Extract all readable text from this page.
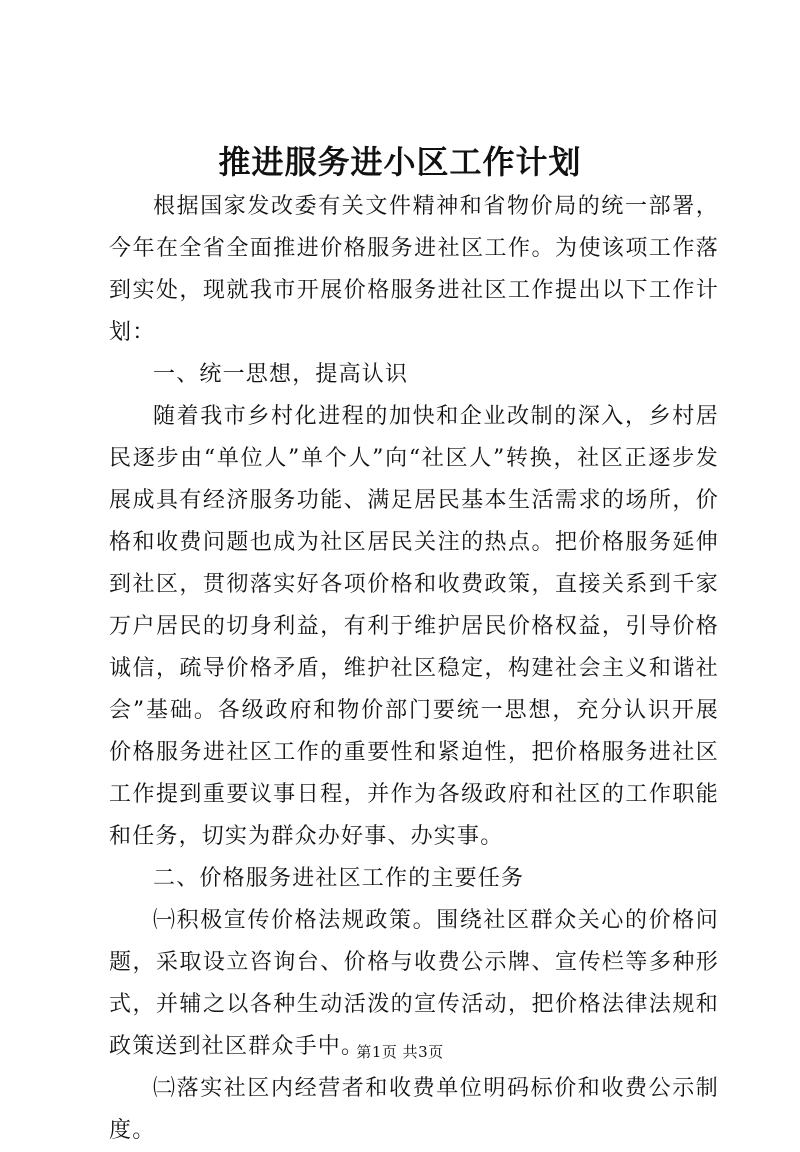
推进服务进小区工作计划

根据国家发改委有关文件精神和省物价局的统一部署，今年在全省全面推进价格服务进社区工作。为使该项工作落到实处，现就我市开展价格服务进社区工作提出以下工作计划：

一、统一思想，提高认识

随着我市乡村化进程的加快和企业改制的深入，乡村居民逐步由“单位人”单个人”向“社区人”转换，社区正逐步发展成具有经济服务功能、满足居民基本生活需求的场所，价格和收费问题也成为社区居民关注的热点。把价格服务延伸到社区，贯彻落实好各项价格和收费政策，直接关系到千家万户居民的切身利益，有利于维护居民价格权益，引导价格诚信，疏导价格矛盾，维护社区稳定，构建社会主义和谐社会”基础。各级政府和物价部门要统一思想，充分认识开展价格服务进社区工作的重要性和紧迫性，把价格服务进社区工作提到重要议事日程，并作为各级政府和社区的工作职能和任务，切实为群众办好事、办实事。

二、价格服务进社区工作的主要任务

㈠积极宣传价格法规政策。围绕社区群众关心的价格问题，采取设立咨询台、价格与收费公示牌、宣传栏等多种形式，并辅之以各种生动活泼的宣传活动，把价格法律法规和政策送到社区群众手中。

㈡落实社区内经营者和收费单位明码标价和收费公示制度。

第1页 共3页
